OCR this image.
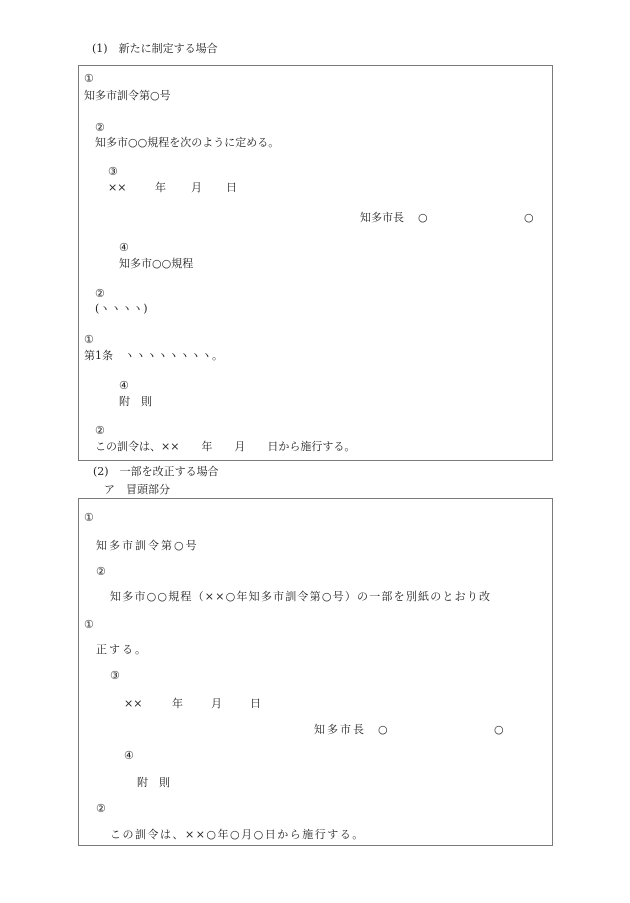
(1)　新たに制定する場合
①
知多市訓令第○号
②
知多市○○規程を次のように定める。
③
××	年 月 日
知多市長 ○	○
④
知多市○○規程
②
(ヽヽヽヽ)
①
第1条　ヽヽヽヽヽヽヽヽ。
④
附　則
②
この訓令は、××　　年　　月　　日から施行する。
(2)　一部を改正する場合
ア　冒頭部分
①
知多市訓令第○号
②
知多市○○規程（××○年知多市訓令第○号）の一部を別紙のとおり改
①
正する。
③
××	年	月	日
知多市長 ○	○
④
附　則
②
この訓令は、××○年○月○日から施行する。
